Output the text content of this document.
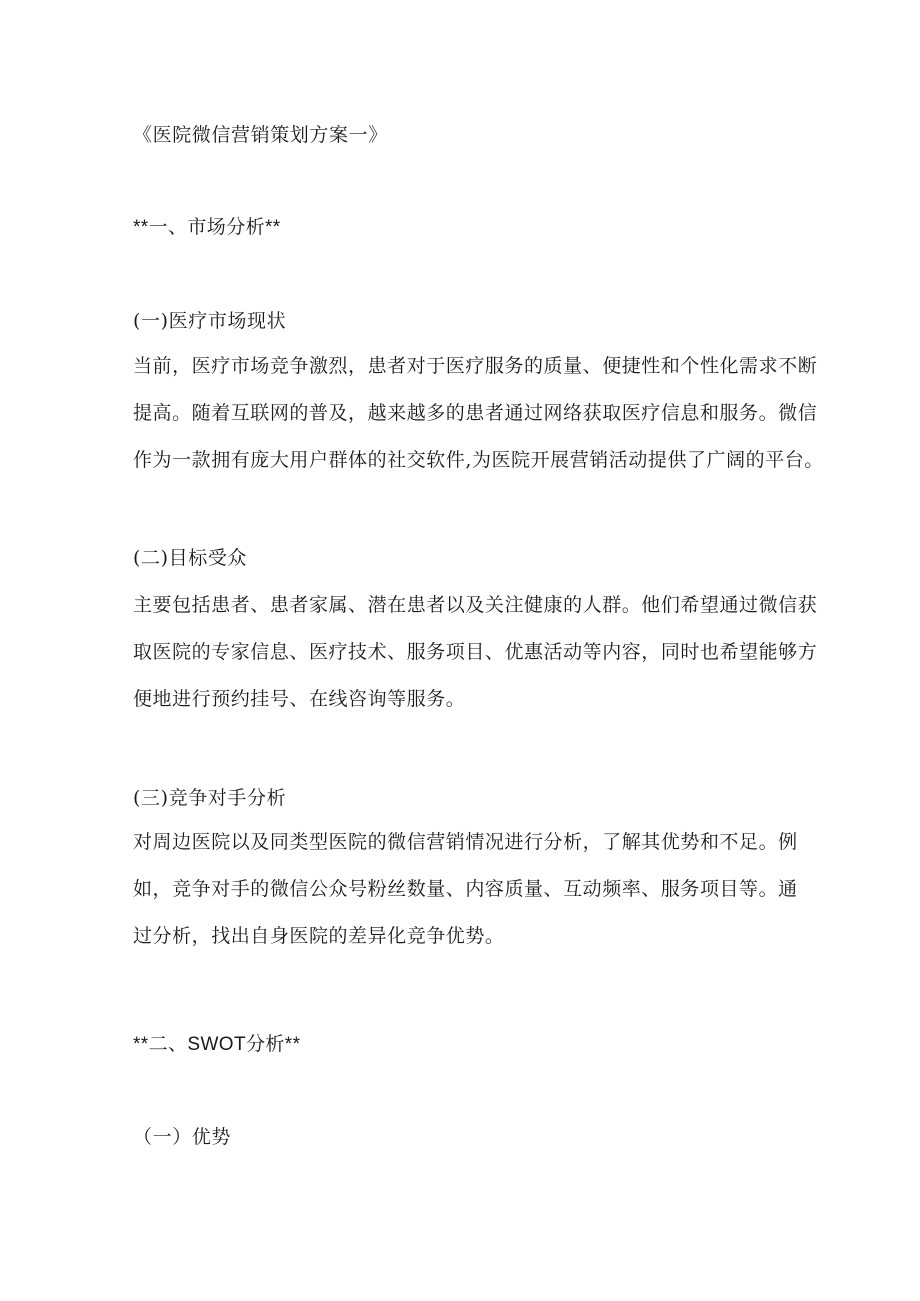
《医院微信营销策划方案一》
**一、市场分析**
(一)医疗市场现状

当前，医疗市场竞争激烈，患者对于医疗服务的质量、便捷性和个性化需求不断

提高。随着互联网的普及，越来越多的患者通过网络获取医疗信息和服务。微信

作为一款拥有庞大用户群体的社交软件,为医院开展营销活动提供了广阔的平台。

(二)目标受众

主要包括患者、患者家属、潜在患者以及关注健康的人群。他们希望通过微信获

取医院的专家信息、医疗技术、服务项目、优惠活动等内容，同时也希望能够方

便地进行预约挂号、在线咨询等服务。

(三)竞争对手分析

对周边医院以及同类型医院的微信营销情况进行分析，了解其优势和不足。例

如，竞争对手的微信公众号粉丝数量、内容质量、互动频率、服务项目等。通

过分析，找出自身医院的差异化竞争优势。

**二、SWOT分析**
（一）优势
